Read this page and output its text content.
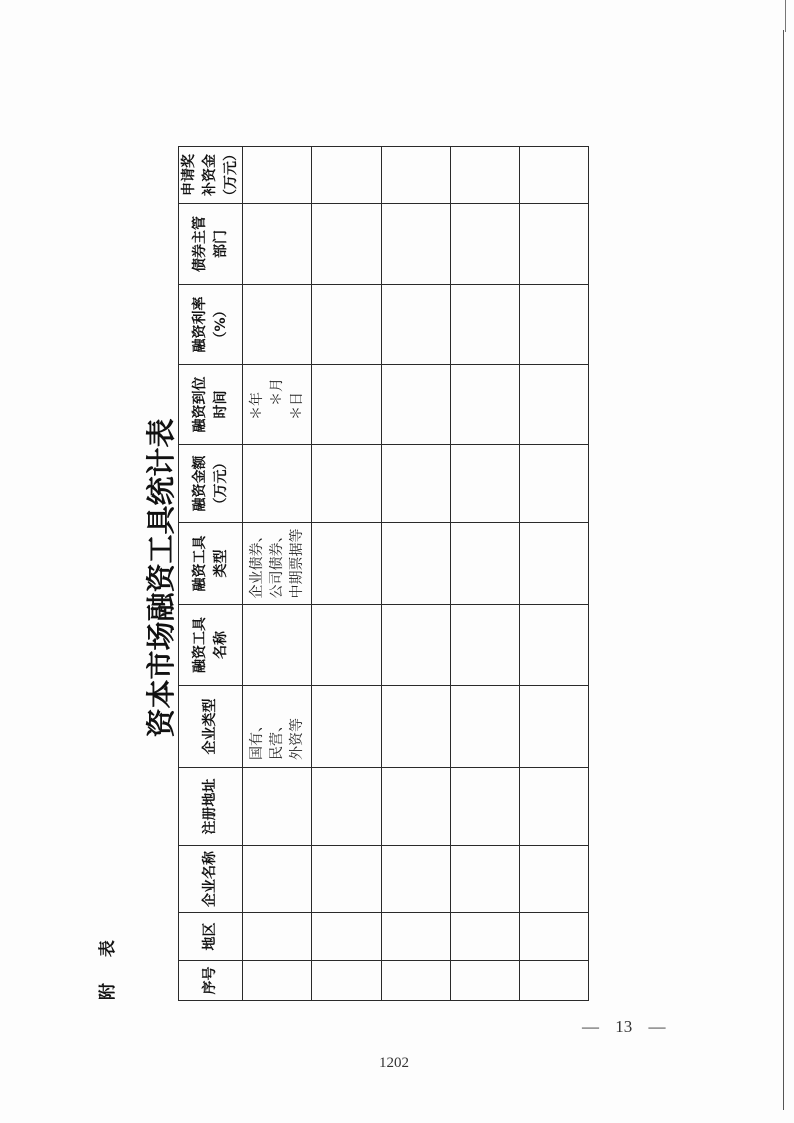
附 表
资本市场融资工具统计表
序号	地区	企业名称	注册地址	企业类型	融资工具 名称	融资工具 类型	融资金额 （万元）	融资到位 时间	融资利率 （%）	债券主管 部门	申请奖 补资金 （万元）

				国有、 民营、 外资等		企业债券、 公司债券、 中期票据等		＊年 ＊月 ＊日			

— 13 —
1202
